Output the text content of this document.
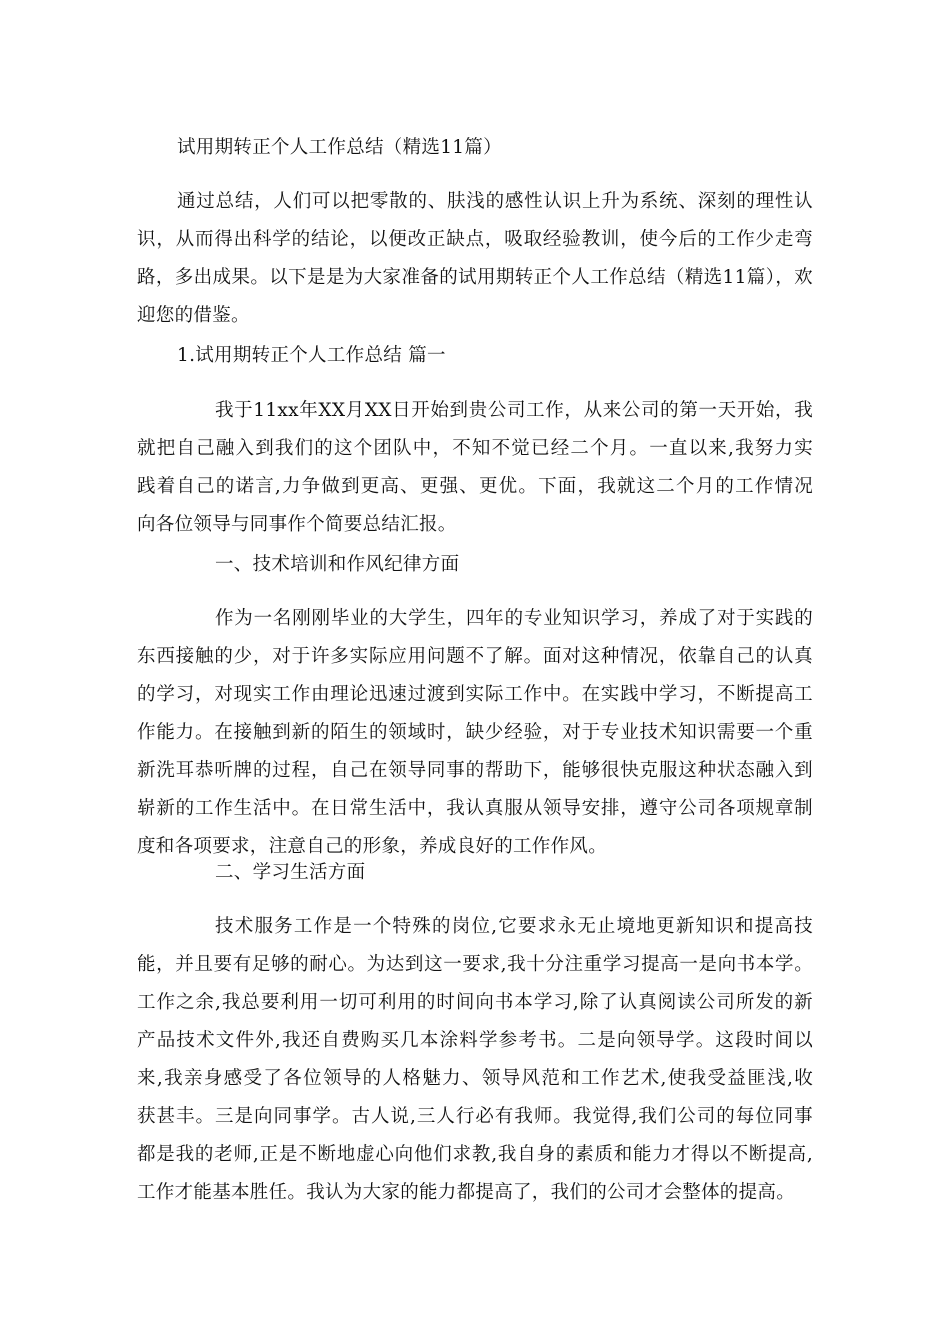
试用期转正个人工作总结（精选11篇）
通过总结，人们可以把零散的、肤浅的感性认识上升为系统、深刻的理性认
识，从而得出科学的结论，以便改正缺点，吸取经验教训，使今后的工作少走弯
路，多出成果。以下是是为大家准备的试用期转正个人工作总结（精选11篇），欢
迎您的借鉴。
1.试用期转正个人工作总结 篇一
我于11xx年XX月XX日开始到贵公司工作，从来公司的第一天开始，我
就把自己融入到我们的这个团队中，不知不觉已经二个月。一直以来,我努力实
践着自己的诺言,力争做到更高、更强、更优。下面，我就这二个月的工作情况
向各位领导与同事作个简要总结汇报。
一、技术培训和作风纪律方面
作为一名刚刚毕业的大学生，四年的专业知识学习，养成了对于实践的
东西接触的少，对于许多实际应用问题不了解。面对这种情况，依靠自己的认真
的学习，对现实工作由理论迅速过渡到实际工作中。在实践中学习，不断提高工
作能力。在接触到新的陌生的领域时，缺少经验，对于专业技术知识需要一个重
新洗耳恭听牌的过程，自己在领导同事的帮助下，能够很快克服这种状态融入到
崭新的工作生活中。在日常生活中，我认真服从领导安排，遵守公司各项规章制
度和各项要求，注意自己的形象，养成良好的工作作风。
二、学习生活方面
技术服务工作是一个特殊的岗位,它要求永无止境地更新知识和提高技
能，并且要有足够的耐心。为达到这一要求,我十分注重学习提高一是向书本学。
工作之余,我总要利用一切可利用的时间向书本学习,除了认真阅读公司所发的新
产品技术文件外,我还自费购买几本涂料学参考书。二是向领导学。这段时间以
来,我亲身感受了各位领导的人格魅力、领导风范和工作艺术,使我受益匪浅,收
获甚丰。三是向同事学。古人说,三人行必有我师。我觉得,我们公司的每位同事
都是我的老师,正是不断地虚心向他们求教,我自身的素质和能力才得以不断提高,
工作才能基本胜任。我认为大家的能力都提高了，我们的公司才会整体的提高。
